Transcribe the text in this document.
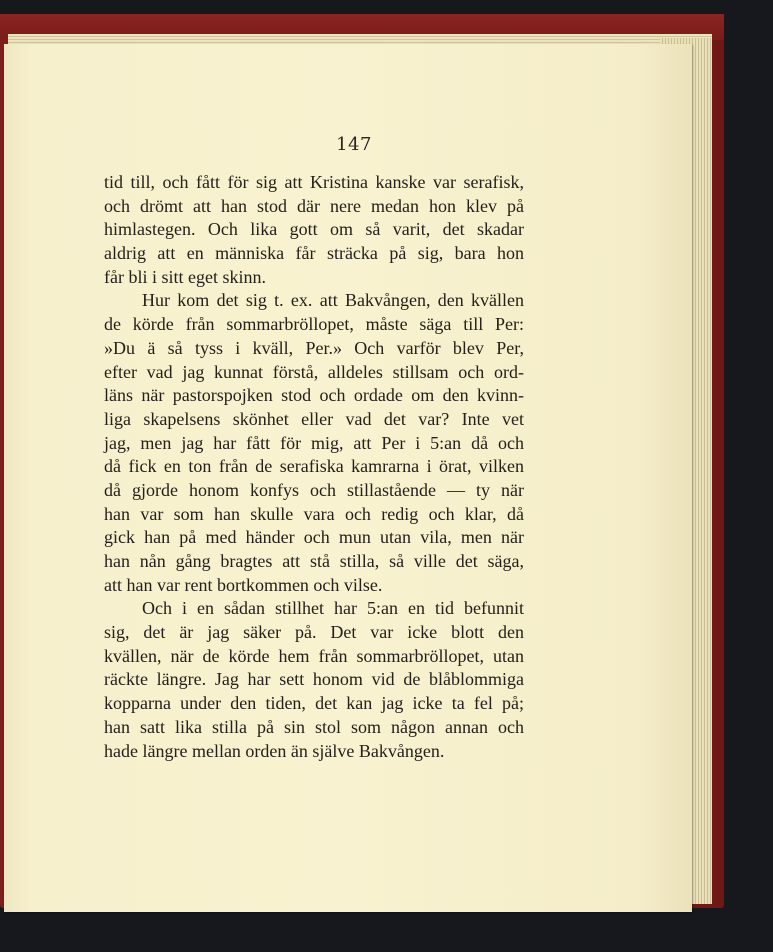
147
tid till, och fått för sig att Kristina kanske var serafisk,
och drömt att han stod där nere medan hon klev på
himlastegen. Och lika gott om så varit, det skadar
aldrig att en människa får sträcka på sig, bara hon
får bli i sitt eget skinn.
Hur kom det sig t. ex. att Bakvången, den kvällen
de körde från sommarbröllopet, måste säga till Per:
»Du ä så tyss i kväll, Per.» Och varför blev Per,
efter vad jag kunnat förstå, alldeles stillsam och ord-
läns när pastorspojken stod och ordade om den kvinn-
liga skapelsens skönhet eller vad det var? Inte vet
jag, men jag har fått för mig, att Per i 5:an då och
då fick en ton från de serafiska kamrarna i örat, vilken
då gjorde honom konfys och stillastående — ty när
han var som han skulle vara och redig och klar, då
gick han på med händer och mun utan vila, men när
han nån gång bragtes att stå stilla, så ville det säga,
att han var rent bortkommen och vilse.
Och i en sådan stillhet har 5:an en tid befunnit
sig, det är jag säker på. Det var icke blott den
kvällen, när de körde hem från sommarbröllopet, utan
räckte längre. Jag har sett honom vid de blåblommiga
kopparna under den tiden, det kan jag icke ta fel på;
han satt lika stilla på sin stol som någon annan och
hade längre mellan orden än själve Bakvången.
